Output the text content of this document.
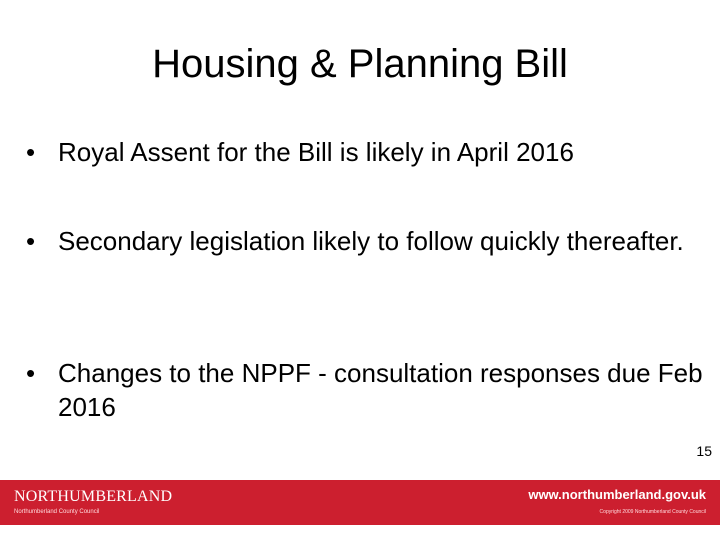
Housing & Planning Bill
• Royal Assent for the Bill is likely in April 2016
• Secondary legislation likely to follow quickly thereafter.
• Changes to the NPPF - consultation responses due Feb 2016
15
NORTHUMBERLAND
Northumberland County Council
www.northumberland.gov.uk
Copyright 2009 Northumberland County Council
